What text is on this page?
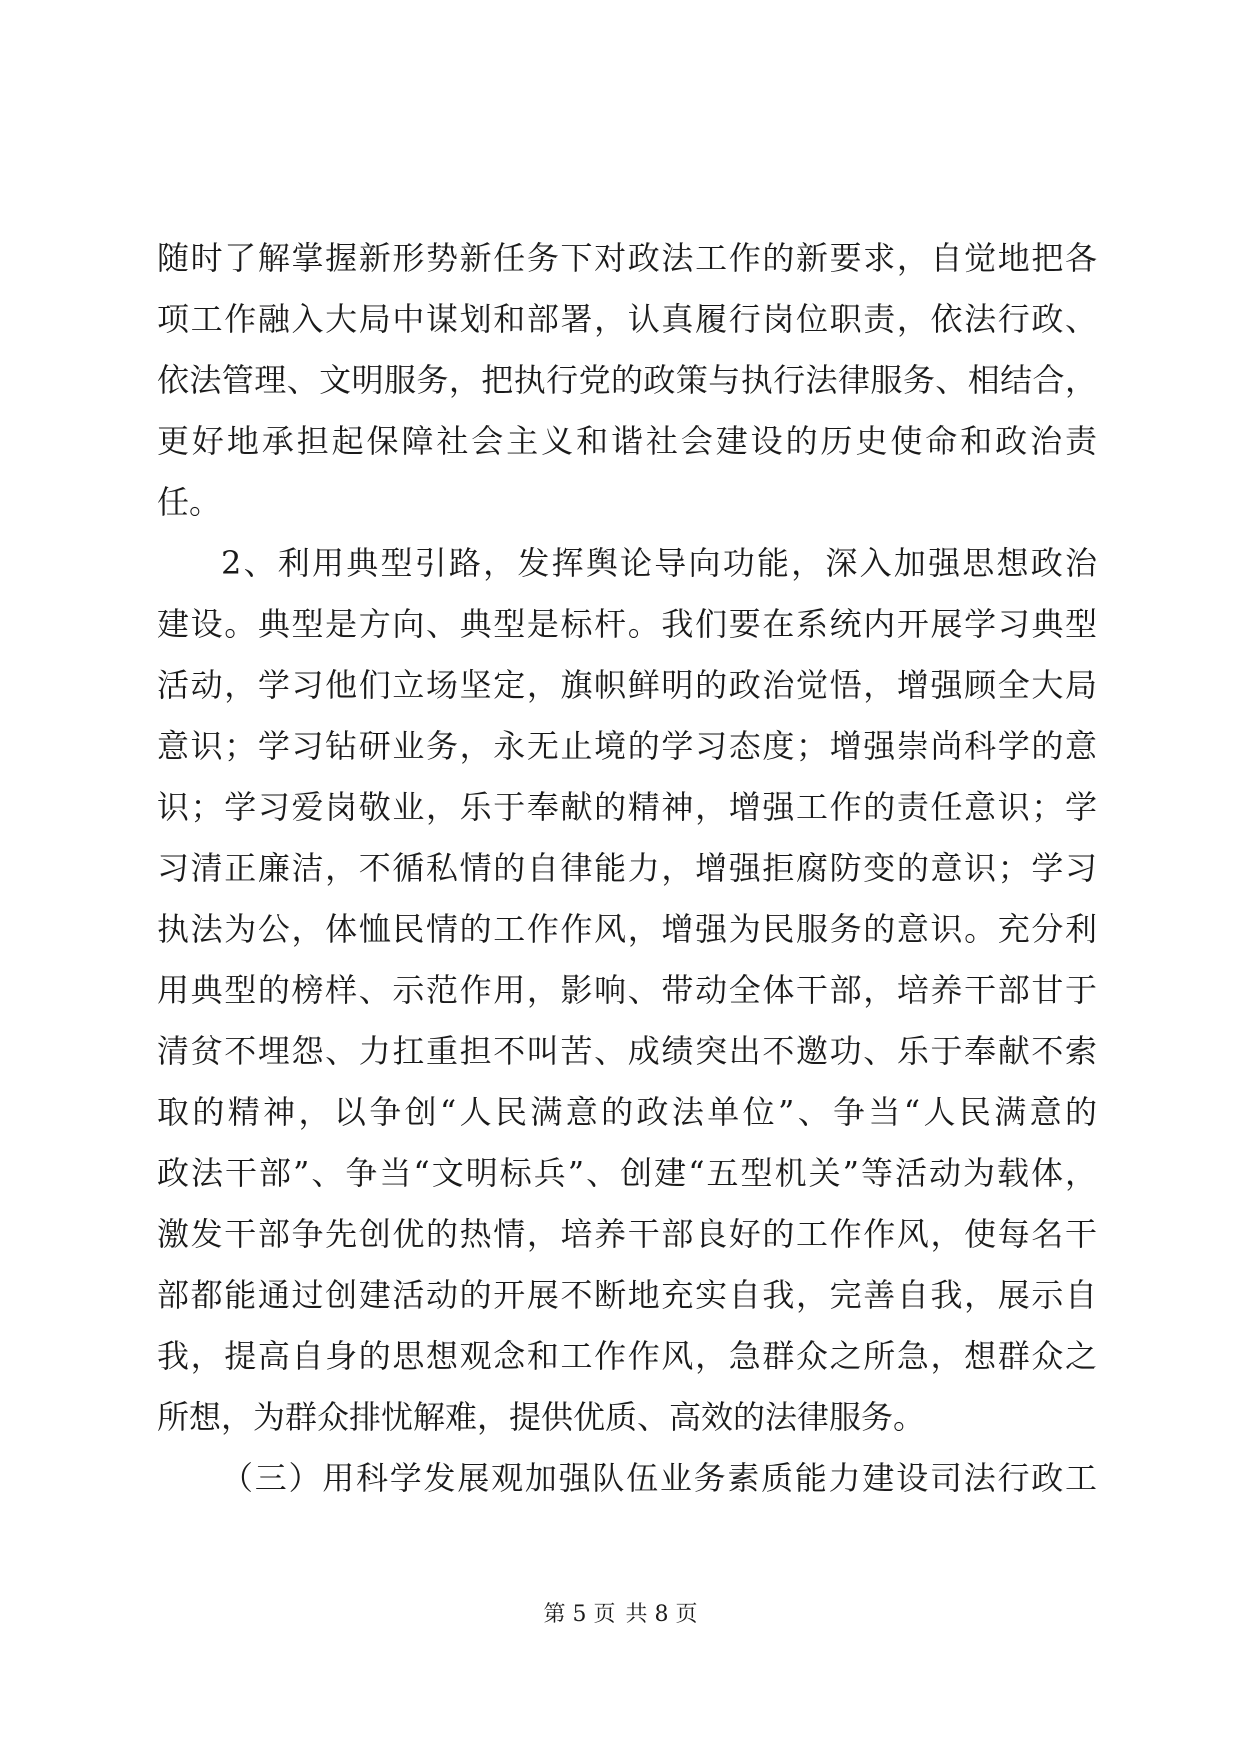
随时了解掌握新形势新任务下对政法工作的新要求，自觉地把各
项工作融入大局中谋划和部署，认真履行岗位职责，依法行政、
依法管理、文明服务，把执行党的政策与执行法律服务、相结合，
更好地承担起保障社会主义和谐社会建设的历史使命和政治责
任。
2、利用典型引路，发挥舆论导向功能，深入加强思想政治
建设。典型是方向、典型是标杆。我们要在系统内开展学习典型
活动，学习他们立场坚定，旗帜鲜明的政治觉悟，增强顾全大局
意识；学习钻研业务，永无止境的学习态度；增强崇尚科学的意
识；学习爱岗敬业，乐于奉献的精神，增强工作的责任意识；学
习清正廉洁，不循私情的自律能力，增强拒腐防变的意识；学习
执法为公，体恤民情的工作作风，增强为民服务的意识。充分利
用典型的榜样、示范作用，影响、带动全体干部，培养干部甘于
清贫不埋怨、力扛重担不叫苦、成绩突出不邀功、乐于奉献不索
取的精神，以争创“人民满意的政法单位”、争当“人民满意的
政法干部”、争当“文明标兵”、创建“五型机关”等活动为载体，
激发干部争先创优的热情，培养干部良好的工作作风，使每名干
部都能通过创建活动的开展不断地充实自我，完善自我，展示自
我，提高自身的思想观念和工作作风，急群众之所急，想群众之
所想，为群众排忧解难，提供优质、高效的法律服务。
（三）用科学发展观加强队伍业务素质能力建设司法行政工
第 5 页 共 8 页
